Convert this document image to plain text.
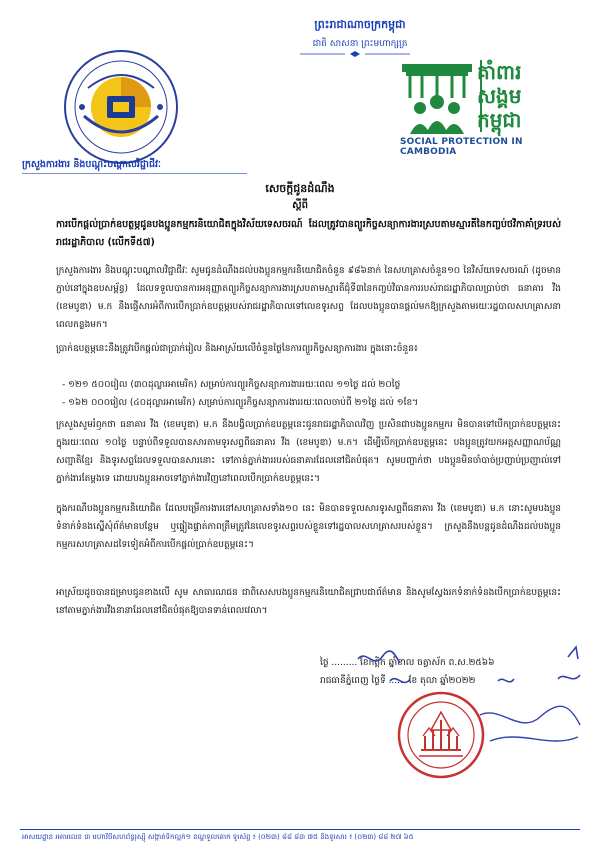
ព្រះរាជាណាចក្រកម្ពុជា
ជាតិ សាសនា ព្រះមហាក្សត្រ
គាំពារ
សង្គម
កម្ពុជា
SOCIAL PROTECTION IN CAMBODIA
ក្រសួងការងារ និងបណ្តុះបណ្តាលវិជ្ជាជីវៈ
សេចក្តីជូនដំណឹង
ស្តីពី
ការបើកផ្តល់ប្រាក់ឧបត្ថម្ភជូនបងប្អូនកម្មករនិយោជិតក្នុងវិស័យទេសចរណ៍ ដែលត្រូវបានព្យួរកិច្ចសន្យាការងារស្របតាមស្មារតីនៃកញ្ចប់ថវិកាគាំទ្ររបស់រាជរដ្ឋាភិបាល (លើកទី៥៧)
ក្រសួងការងារ និងបណ្តុះបណ្តាលវិជ្ជាជីវៈ សូមជូនដំណឹងដល់បងប្អូនកម្មករនិយោជិតចំនួន ៩៨៦នាក់ នៃសហគ្រាសចំនួន១០ នៃវិស័យទេសចរណ៍ (ដូចមានភ្ជាប់នៅក្នុងឧបសម្ព័ន្ធ) ដែលទទួលបានការអនុញ្ញាតព្យួរកិច្ចសន្យាការងារស្របតាមស្មារតីជុំទី៣នៃកញ្ចប់វិធានការរបស់រាជរដ្ឋាភិបាលប្រាប់ថា ធនាគារ វីង (ខេមបូឌា) ម.ក នឹងផ្ញើសារអំពីការបើកប្រាក់ឧបត្ថម្ភរបស់រាជរដ្ឋាភិបាលទៅលេខទូរសព្ទ ដែលបងប្អូនបានផ្តល់មកឱ្យក្រសួងតាមរយៈរដ្ឋបាលសហគ្រាសនាពេលកន្លងមក។
ប្រាក់ឧបត្ថម្ភនេះនឹងត្រូវបើកផ្តល់ជាប្រាក់រៀល និងអាស្រ័យលើចំនួនថ្ងៃនៃការព្យួរកិច្ចសន្យាការងារ ក្នុងនោះចំនួន៖
- ១២១ ៥០០រៀល (៣០ដុល្លារអាមេរិក) សម្រាប់ការព្យួរកិច្ចសន្យាការងាររយៈពេល ១១ថ្ងៃ ដល់ ២០ថ្ងៃ
- ១៦២ ០០០រៀល (៤០ដុល្លារអាមេរិក) សម្រាប់ការព្យួរកិច្ចសន្យាការងាររយៈពេលចាប់ពី ២១ថ្ងៃ ដល់ ១ខែ។
ក្រសួងសូមរំឭកថា ធនាគារ វីង (ខេមបូឌា) ម.ក នឹងបង្វិលប្រាក់ឧបត្ថម្ភនេះជូនរាជរដ្ឋាភិបាលវិញ ប្រសិនជាបងប្អូនកម្មករ មិនបានទៅបើកប្រាក់ឧបត្ថម្ភនេះ ក្នុងរយៈពេល ១០ថ្ងៃ បន្ទាប់ពីទទួលបានសារតាមទូរសព្ទពីធនាគារ វីង (ខេមបូឌា) ម.ក។ ដើម្បីបើកប្រាក់ឧបត្ថម្ភនេះ បងប្អូនត្រូវយកអត្តសញ្ញាណប័ណ្ណសញ្ជាតិខ្មែរ និងទូរសព្ទដែលទទួលបានសារនោះ ទៅកាន់ភ្នាក់ងាររបស់ធនាគារដែលនៅជិតបំផុត។ សូមបញ្ជាក់ថា បងប្អូនមិនចាំបាច់ប្រញាប់ប្រញាល់ទៅភ្នាក់ងារតែម្តងទេ ដោយបងប្អូនអាចទៅភ្នាក់ងារវិញនៅពេលបើកប្រាក់ឧបត្ថម្ភនេះ។
ក្នុងករណីបងប្អូនកម្មករនិយោជិត ដែលបម្រើការងារនៅសហគ្រាសទាំង១០ នេះ មិនបានទទួលសារទូរសព្ទពីធនាគារ វីង (ខេមបូឌា) ម.ក នោះសូមបងប្អូនទំនាក់ទំនងស្នើសុំព័ត៌មានបន្ថែម ឬផ្ទៀងផ្ទាត់ភាពត្រឹមត្រូវនៃលេខទូរសព្ទរបស់ខ្លួនទៅរដ្ឋបាលសហគ្រាសរបស់ខ្លួន។ ក្រសួងនឹងបន្តជូនដំណឹងដល់បងប្អូនកម្មករសហគ្រាសដទៃទៀតអំពីការបើកផ្តល់ប្រាក់ឧបត្ថម្ភនេះ។
អាស្រ័យដូចបានជម្រាបជូនខាងលើ សូម សាធារណជន ជាពិសេសបងប្អូនកម្មករនិយោជិតជ្រាបជាព័ត៌មាន និងសូមស្វែងរកទំនាក់ទំនងបើកប្រាក់ឧបត្ថម្ភនេះនៅតាមភ្នាក់ងារវីងនានាដែលនៅជិតបំផុតឱ្យបានទាន់ពេលវេលា។
ថ្ងៃ ......... ខែកត្តិក ឆ្នាំខាល ចត្វាស័ក ព.ស.២៥៦៦
រាជធានីភ្នំពេញ ថ្ងៃទី ...... ខែ តុលា ឆ្នាំ២០២២
អាសយដ្ឋាន អគារលេខ ៣ មហាវិថីសហព័ន្ធរុស្ស៊ី សង្កាត់ទឹកល្អក់១ ខណ្ឌទួលគោក ទូរស័ព្ទ ៖ (០២៣) ៨៨ ៨៣ ៧៥ និងទូរសារ ៖ (០២៣) ៨៨ ២៧ ៦៥
